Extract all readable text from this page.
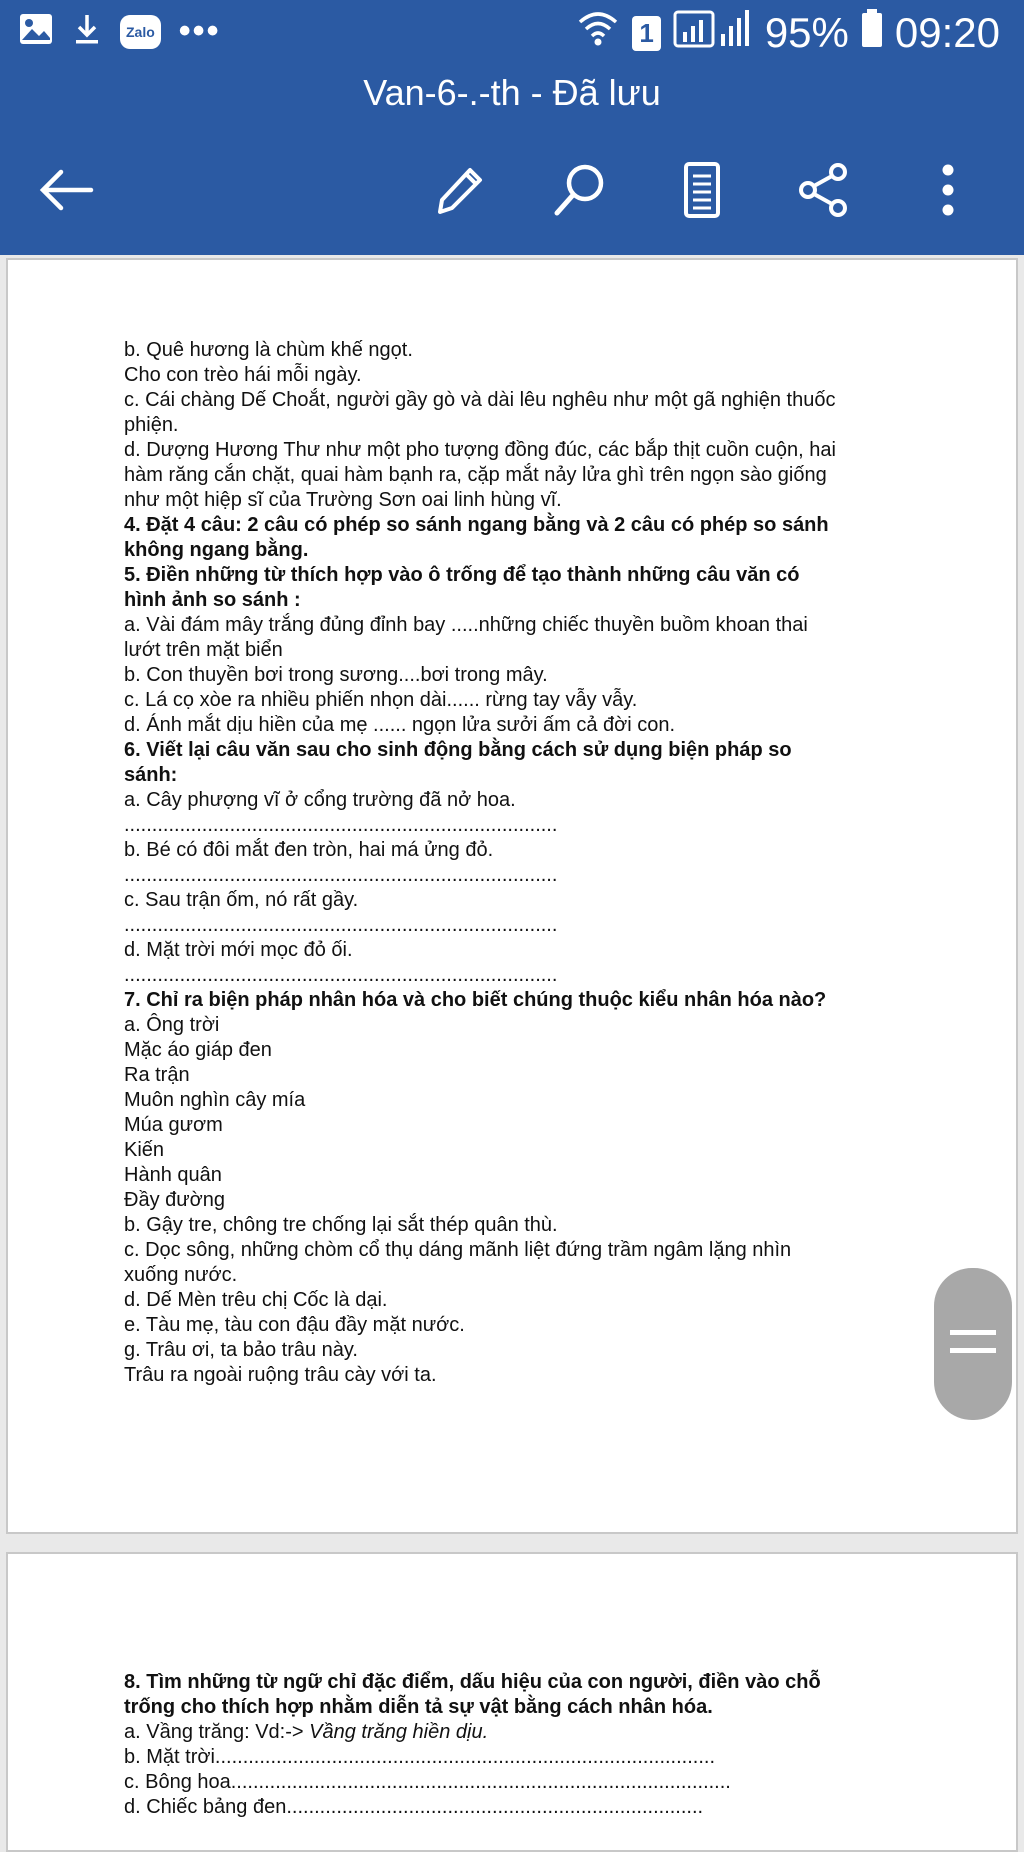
Zalo •••	1	95% 09:20
Van-6-.-th - Đã lưu
b. Quê hương là chùm khế ngọt.
Cho con trèo hái mỗi ngày.
c. Cái chàng Dế Choắt, người gầy gò và dài lêu nghêu như một gã nghiện thuốc
phiện.
d. Dượng Hương Thư như một pho tượng đồng đúc, các bắp thịt cuồn cuộn, hai
hàm răng cắn chặt, quai hàm bạnh ra, cặp mắt nảy lửa ghì trên ngọn sào giống
như một hiệp sĩ của Trường Sơn oai linh hùng vĩ.
4. Đặt 4 câu: 2 câu có phép so sánh ngang bằng và 2 câu có phép so sánh
không ngang bằng.
5. Điền những từ thích hợp vào ô trống để tạo thành những câu văn có
hình ảnh so sánh :
a. Vài đám mây trắng đủng đỉnh bay .....những chiếc thuyền buồm khoan thai
lướt trên mặt biển
b. Con thuyền bơi trong sương....bơi trong mây.
c. Lá cọ xòe ra nhiều phiến nhọn dài...... rừng tay vẫy vẫy.
d. Ánh mắt dịu hiền của mẹ ...... ngọn lửa sưởi ấm cả đời con.
6. Viết lại câu văn sau cho sinh động bằng cách sử dụng biện pháp so
sánh:
a. Cây phượng vĩ ở cổng trường đã nở hoa.
..............................................................................
b. Bé có đôi mắt đen tròn, hai má ửng đỏ.
..............................................................................
c. Sau trận ốm, nó rất gầy.
..............................................................................
d. Mặt trời mới mọc đỏ ối.
..............................................................................
7. Chỉ ra biện pháp nhân hóa và cho biết chúng thuộc kiểu nhân hóa nào?
a. Ông trời
Mặc áo giáp đen
Ra trận
Muôn nghìn cây mía
Múa gươm
Kiến
Hành quân
Đầy đường
b. Gậy tre, chông tre chống lại sắt thép quân thù.
c. Dọc sông, những chòm cổ thụ dáng mãnh liệt đứng trầm ngâm lặng nhìn
xuống nước.
d. Dế Mèn trêu chị Cốc là dại.
e. Tàu mẹ, tàu con đậu đầy mặt nước.
g. Trâu ơi, ta bảo trâu này.
Trâu ra ngoài ruộng trâu cày với ta.
8. Tìm những từ ngữ chỉ đặc điểm, dấu hiệu của con người, điền vào chỗ
trống cho thích hợp nhằm diễn tả sự vật bằng cách nhân hóa.
a. Vầng trăng: Vd:-> Vầng trăng hiền dịu.
b. Mặt trời..........................................................................................
c. Bông hoa..........................................................................................
d. Chiếc bảng đen...........................................................................
